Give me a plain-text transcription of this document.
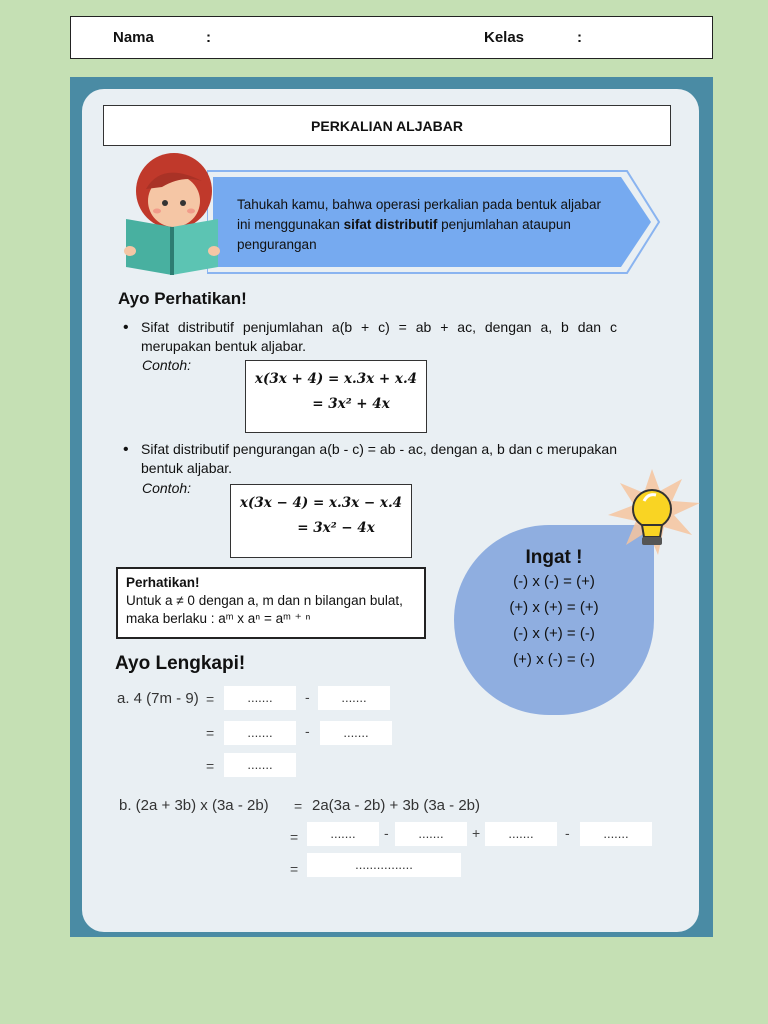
Nama	:	Kelas	:
PERKALIAN ALJABAR
Tahukah kamu, bahwa operasi perkalian pada bentuk aljabar ini menggunakan sifat distributif penjumlahan ataupun pengurangan
Ayo Perhatikan!
• Sifat distributif penjumlahan a(b + c) = ab + ac, dengan a, b dan c merupakan bentuk aljabar.
Contoh:
x(3x + 4) = x.3x + x.4
= 3x² + 4x
• Sifat distributif pengurangan a(b - c) = ab - ac, dengan a, b dan c merupakan bentuk aljabar.
Contoh:
x(3x − 4) = x.3x − x.4
= 3x² − 4x
Perhatikan!
Untuk a ≠ 0 dengan a, m dan n bilangan bulat, maka berlaku : aᵐ x aⁿ = aᵐ ⁺ ⁿ
Ingat !
(-) x (-) = (+)
(+) x (+) = (+)
(-) x (+) = (-)
(+) x (-) = (-)
Ayo Lengkapi!
a. 4 (7m - 9) =	.......	-	.......
=	.......	-	.......
=	.......
b. (2a + 3b) x (3a - 2b) = 2a(3a - 2b) + 3b (3a - 2b)
=	.......	-	.......	+	.......	-	.......
=	................
